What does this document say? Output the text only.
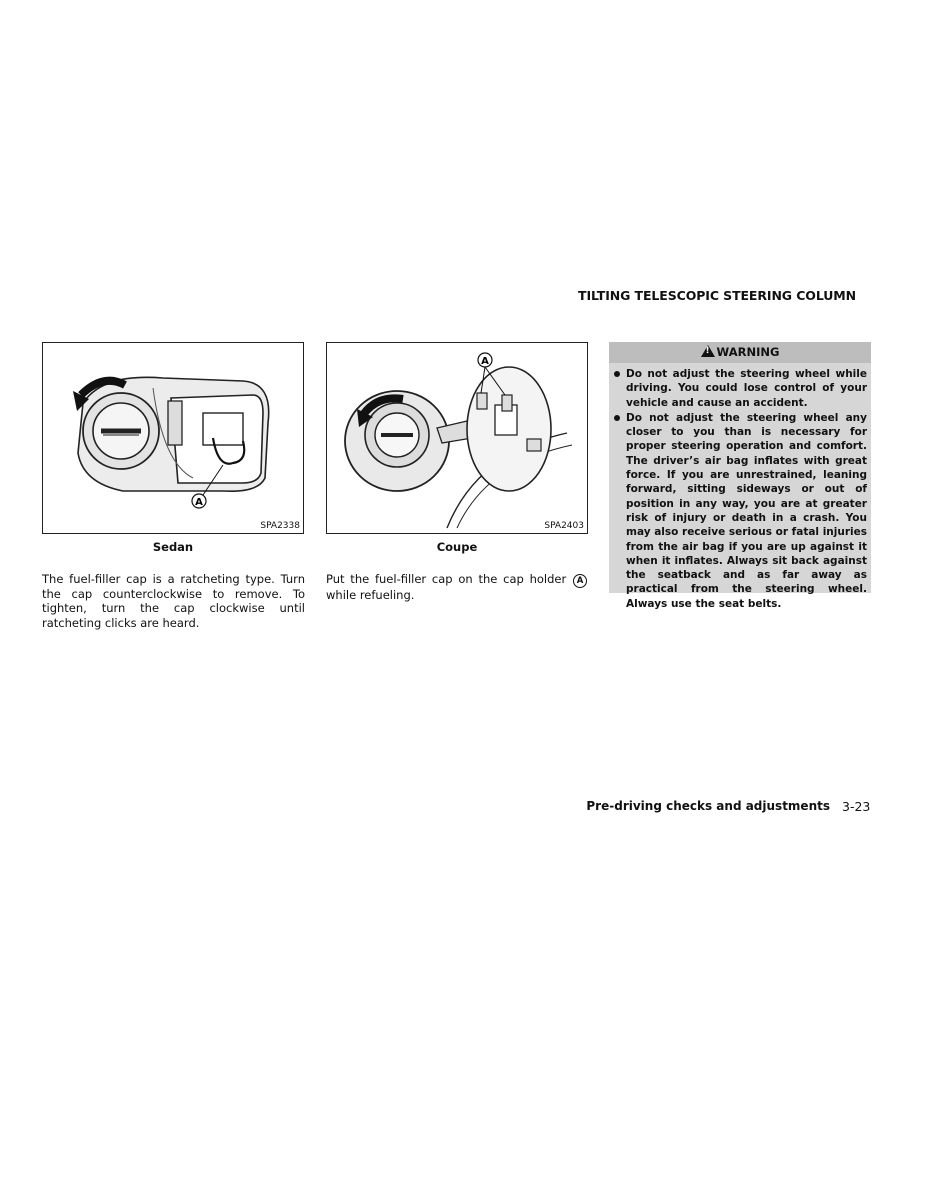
TILTING TELESCOPIC STEERING COLUMN
A
SPA2338
Sedan
A
SPA2403
Coupe
The fuel-filler cap is a ratcheting type. Turn the cap counterclockwise to remove. To tighten, turn the cap clockwise until ratcheting clicks are heard.
Put the fuel-filler cap on the cap holder A while refueling.
!WARNING
Do not adjust the steering wheel while driving. You could lose control of your vehicle and cause an accident.
Do not adjust the steering wheel any closer to you than is necessary for proper steering operation and comfort. The driver’s air bag inflates with great force. If you are unrestrained, leaning forward, sitting sideways or out of position in any way, you are at greater risk of injury or death in a crash. You may also receive serious or fatal injuries from the air bag if you are up against it when it inflates. Always sit back against the seatback and as far away as practical from the steering wheel. Always use the seat belts.
Pre-driving checks and adjustments 3-23
